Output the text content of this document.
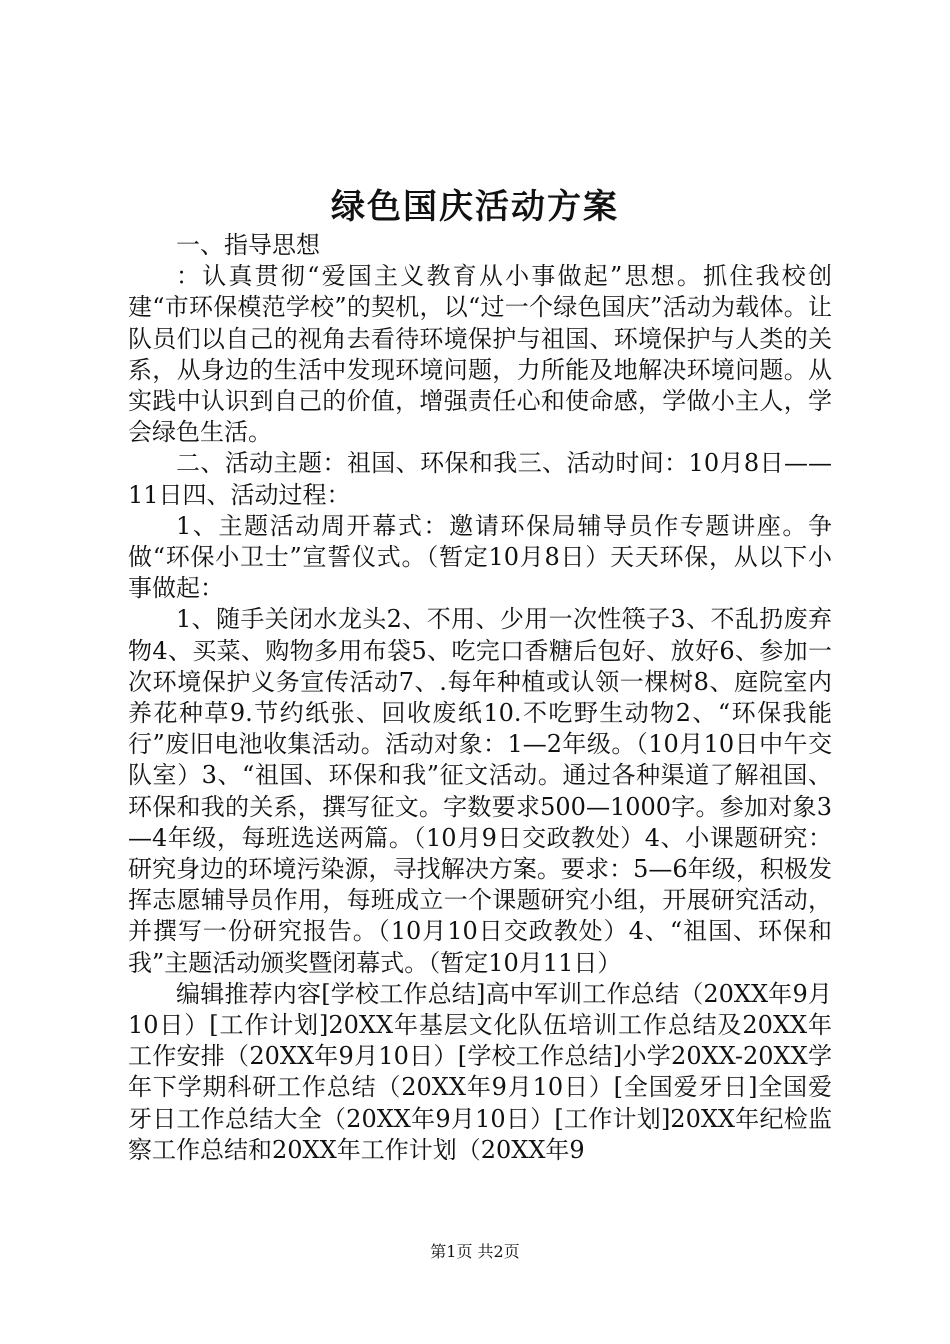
绿色国庆活动方案

一、指导思想

：认真贯彻“爱国主义教育从小事做起”思想。抓住我校创建“市环保模范学校”的契机，以“过一个绿色国庆”活动为载体。让队员们以自己的视角去看待环境保护与祖国、环境保护与人类的关系，从身边的生活中发现环境问题，力所能及地解决环境问题。从实践中认识到自己的价值，增强责任心和使命感，学做小主人，学会绿色生活。

二、活动主题：祖国、环保和我三、活动时间：10月8日——11日四、活动过程：

1、主题活动周开幕式：邀请环保局辅导员作专题讲座。争做“环保小卫士”宣誓仪式。（暂定10月8日）天天环保，从以下小事做起：

1、随手关闭水龙头2、不用、少用一次性筷子3、不乱扔废弃物4、买菜、购物多用布袋5、吃完口香糖后包好、放好6、参加一次环境保护义务宣传活动7、.每年种植或认领一棵树8、庭院室内养花种草9.节约纸张、回收废纸10.不吃野生动物2、“环保我能行”废旧电池收集活动。活动对象：1—2年级。（10月10日中午交队室）3、“祖国、环保和我”征文活动。通过各种渠道了解祖国、环保和我的关系，撰写征文。字数要求500—1000字。参加对象3—4年级，每班选送两篇。（10月9日交政教处）4、小课题研究：研究身边的环境污染源，寻找解决方案。要求：5—6年级，积极发挥志愿辅导员作用，每班成立一个课题研究小组，开展研究活动，并撰写一份研究报告。（10月10日交政教处）4、“祖国、环保和我”主题活动颁奖暨闭幕式。（暂定10月11日）

编辑推荐内容[学校工作总结]高中军训工作总结（20XX年9月10日）[工作计划]20XX年基层文化队伍培训工作总结及20XX年工作安排（20XX年9月10日）[学校工作总结]小学20XX-20XX学年下学期科研工作总结（20XX年9月10日）[全国爱牙日]全国爱牙日工作总结大全（20XX年9月10日）[工作计划]20XX年纪检监察工作总结和20XX年工作计划（20XX年9

第1页 共2页
